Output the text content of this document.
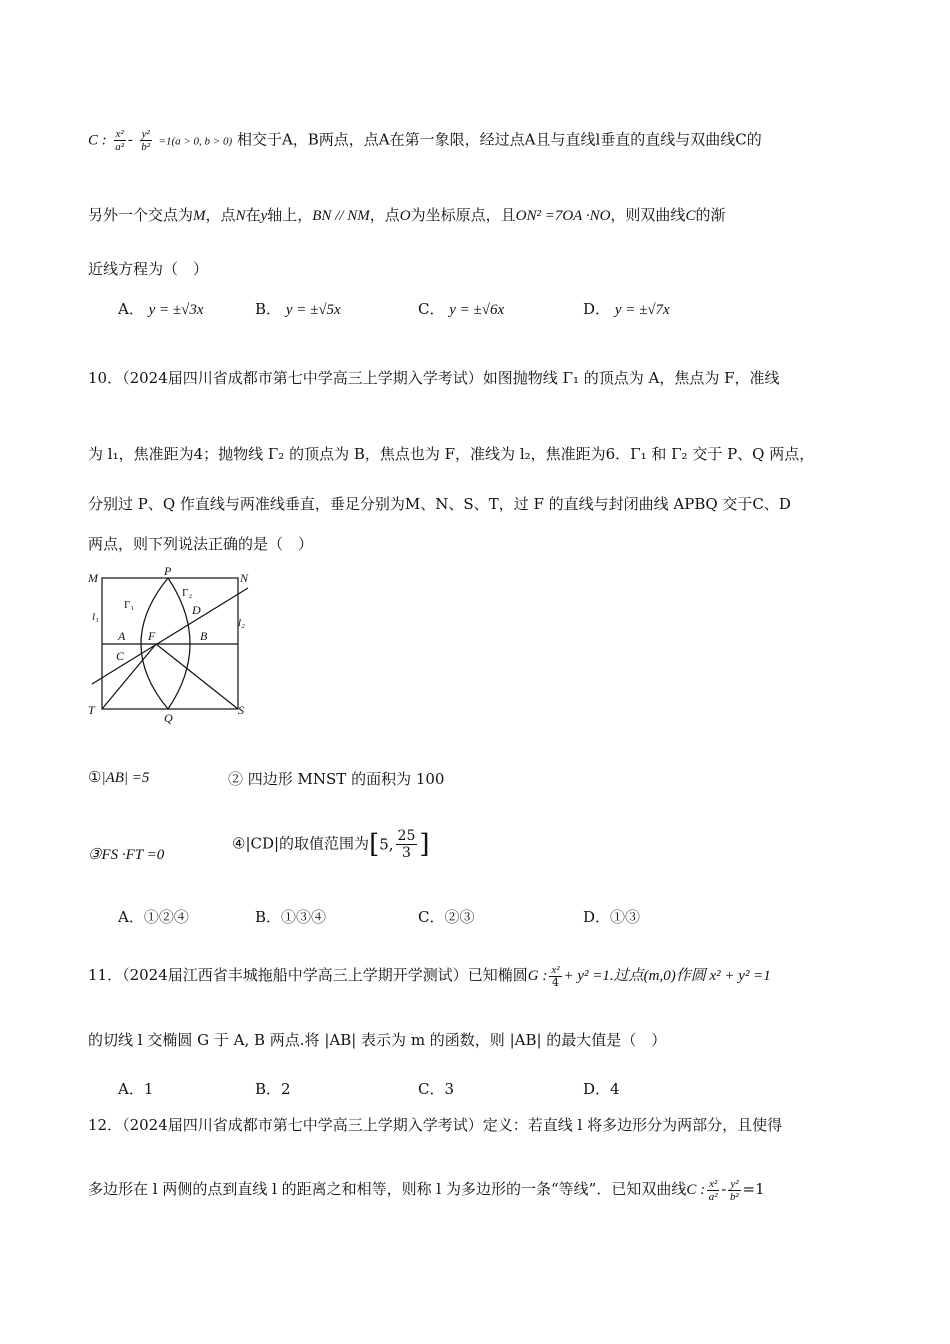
C : $\frac{\text{x²}}{\text{a²}} - \frac{\text{y²}}{\text{b²}} =1(a > 0$, b > 0) 相交于A，B两点，点A在第一象限，经过点A且与直线l垂直的直线与双曲线C的
另外一个交点为M，点N在y轴上，BN // NM，点O为坐标原点，且ON² =7OA ·NO，则双曲线C的渐
近线方程为（　）
A． y = ±√3x	B． y = ±√5x	C． y = ±√6x	D． y = ±√7x
10．（2024届四川省成都市第七中学高三上学期入学考试）如图抛物线 Γ₁ 的顶点为 A，焦点为 F，准线
为 l₁，焦准距为4；抛物线 Γ₂ 的顶点为 B，焦点也为 F，准线为 l₂，焦准距为6．Γ₁ 和 Γ₂ 交于 P、Q 两点，
分别过 P、Q 作直线与两准线垂直，垂足分别为M、N、S、T，过 F 的直线与封闭曲线 APBQ 交于C、D
两点，则下列说法正确的是（　）
M	P	N
Γ₂
Γ₁	D
l₁	l₂
A F	B
C
T
Q
S
①|AB| =5	② 四边形 MNST 的面积为 100
③FS ·FT =0
④|CD|的取值范围为[5, $\frac{25}{3}$ ]
A．①②④	B．①③④	C．②③	D．①③
11．（2024届江西省丰城拖船中学高三上学期开学测试）已知椭圆G : $\frac{\text{x²}}{4} + y^2 =1$.过点(m,0)作圆 x² + y² =1
的切线 l 交椭圆 G 于 A, B 两点.将 |AB| 表示为 m 的函数，则 |AB| 的最大值是（　）
A．1	B．2	C．3	D．4
12．（2024届四川省成都市第七中学高三上学期入学考试）定义：若直线 l 将多边形分为两部分，且使得
多边形在 l 两侧的点到直线 l 的距离之和相等，则称 l 为多边形的一条“等线”．已知双曲线C : $\frac{\text{x²}}{\text{a²}} - \frac{\text{y²}}{\text{b²}} =1$
